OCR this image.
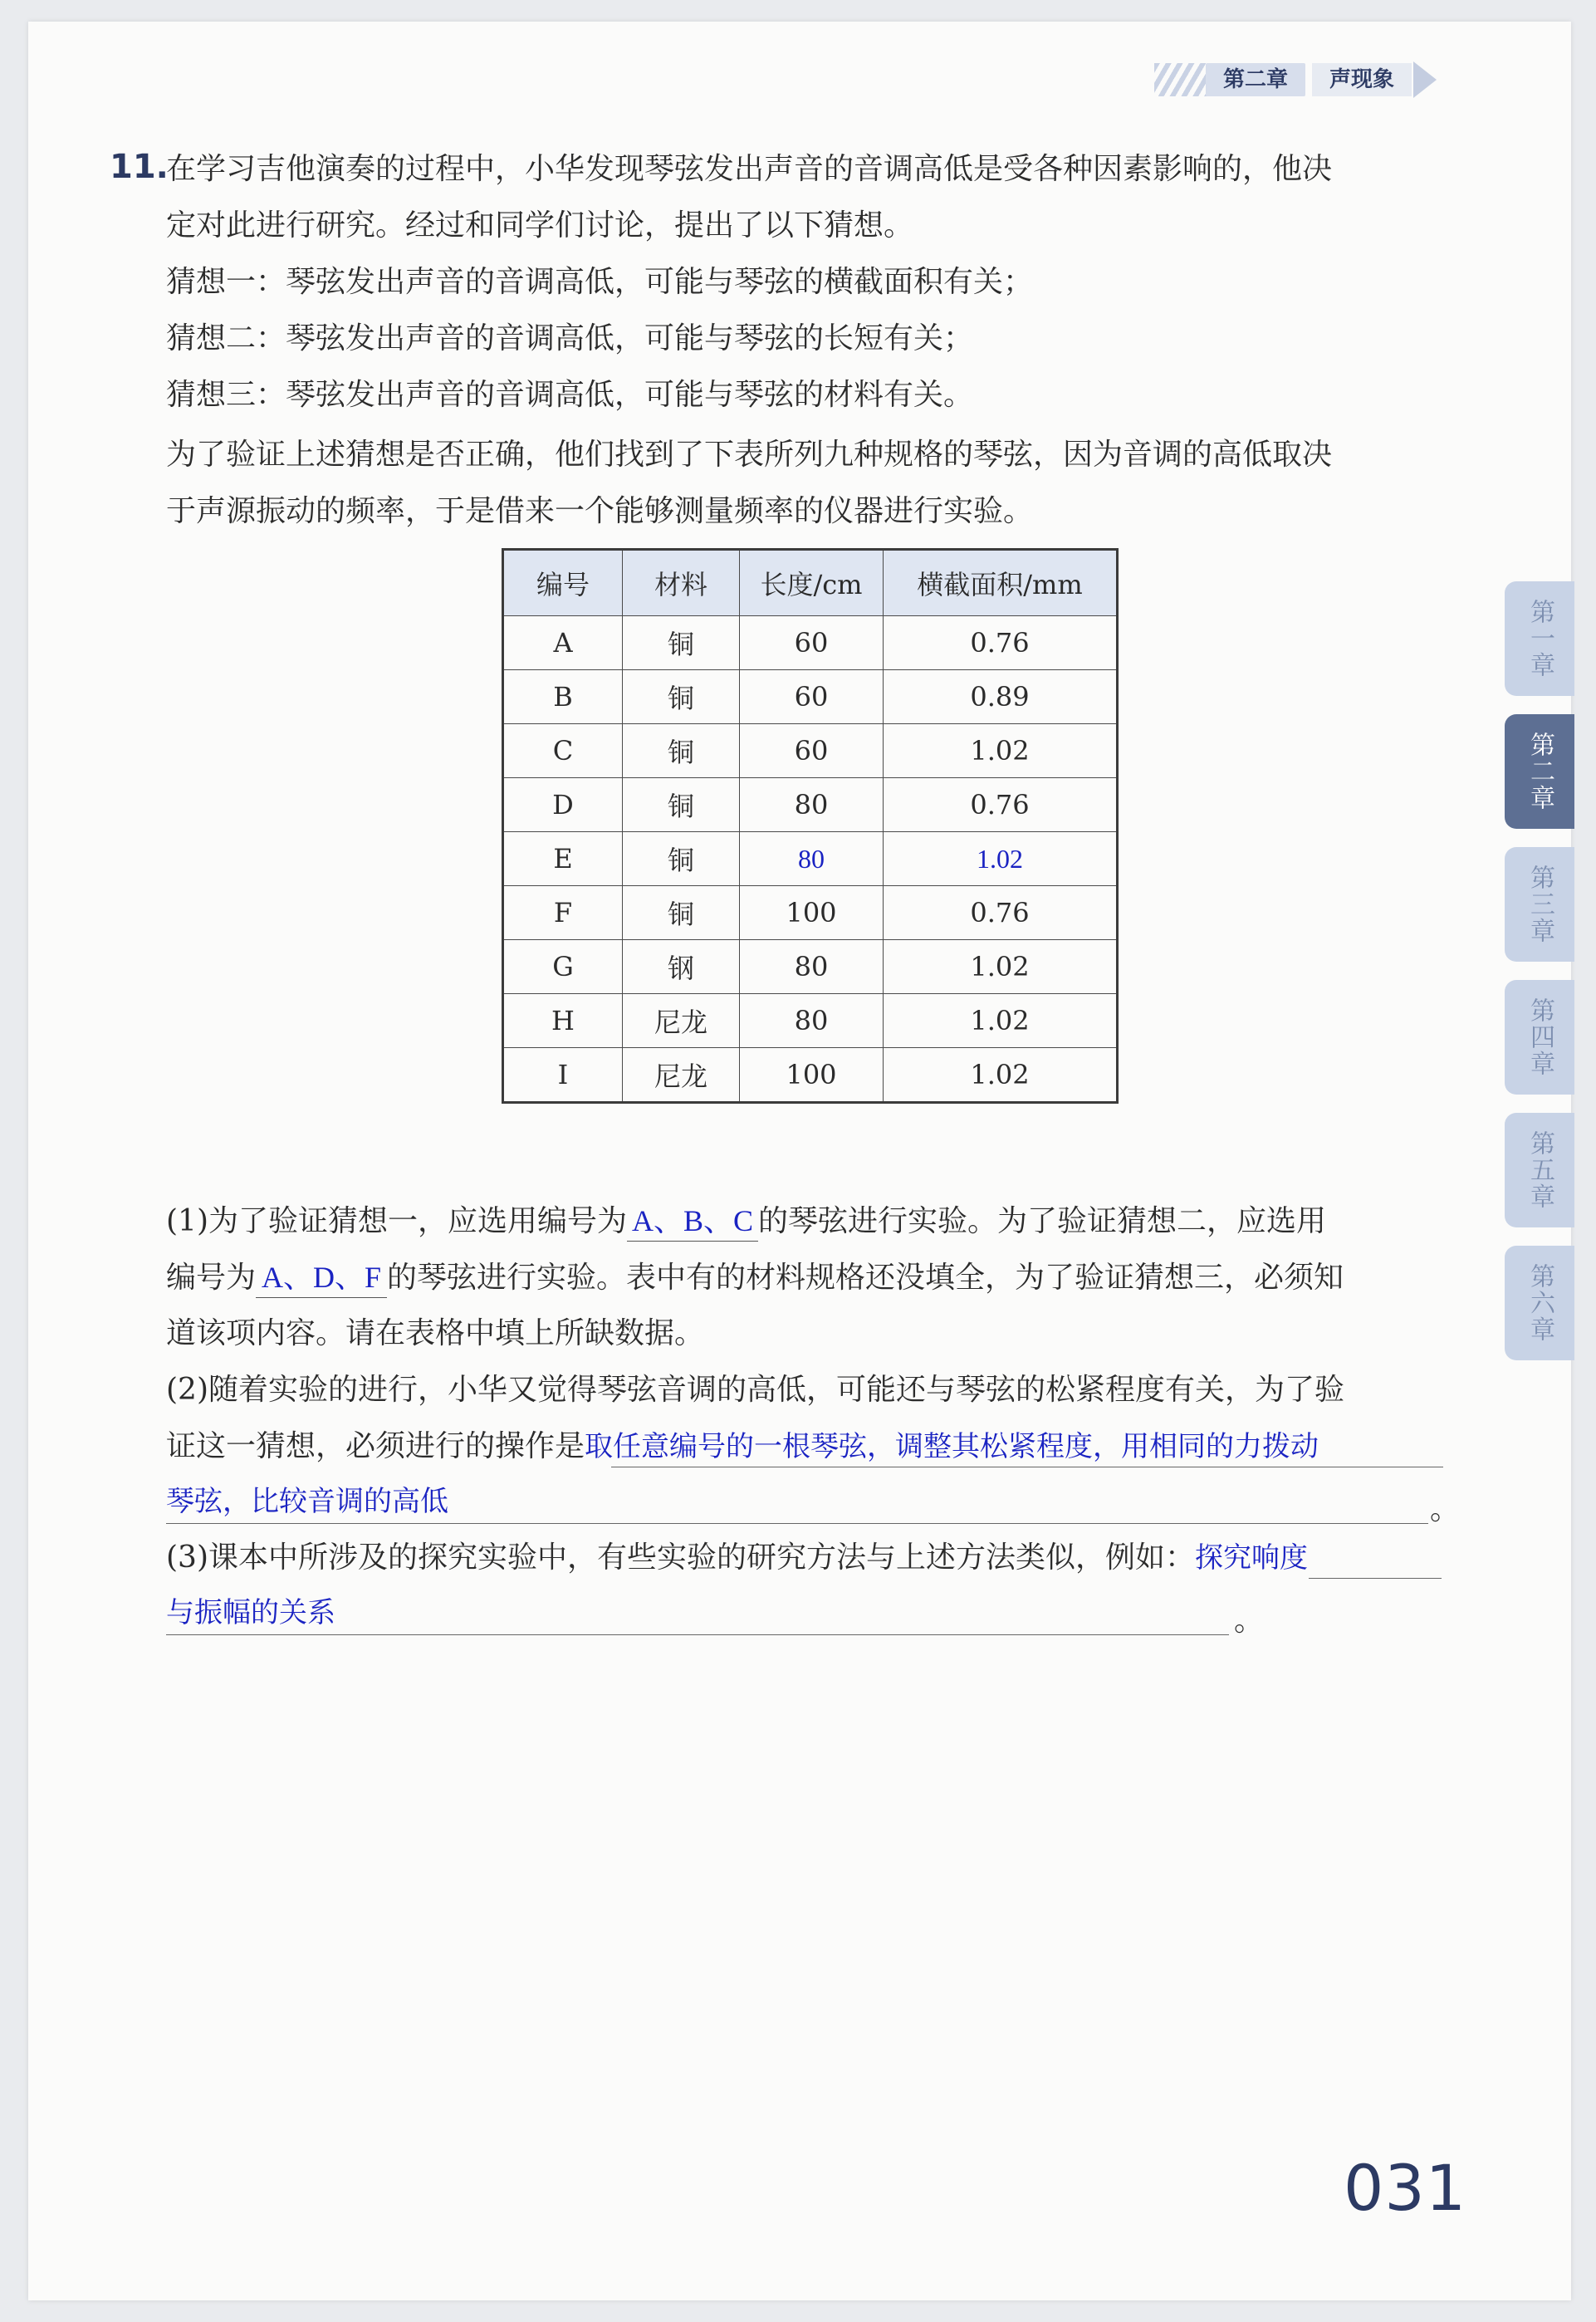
第二章	声现象
第一章
第二章
第三章
第四章
第五章
第六章
11.
在学习吉他演奏的过程中，小华发现琴弦发出声音的音调高低是受各种因素影响的，他决
定对此进行研究。经过和同学们讨论，提出了以下猜想。
猜想一：琴弦发出声音的音调高低，可能与琴弦的横截面积有关；
猜想二：琴弦发出声音的音调高低，可能与琴弦的长短有关；
猜想三：琴弦发出声音的音调高低，可能与琴弦的材料有关。
为了验证上述猜想是否正确，他们找到了下表所列九种规格的琴弦，因为音调的高低取决
于声源振动的频率，于是借来一个能够测量频率的仪器进行实验。
编号	材料	长度/cm	横截面积/mm
A	铜	60	0.76
B	铜	60	0.89
C	铜	60	1.02
D	铜	80	0.76
E	铜	80	1.02
F	铜	100	0.76
G	钢	80	1.02
H	尼龙	80	1.02
I	尼龙	100	1.02
(1)为了验证猜想一，应选用编号为 A、B、C 的琴弦进行实验。为了验证猜想二，应选用
编号为 A、D、F 的琴弦进行实验。表中有的材料规格还没填全，为了验证猜想三，必须知
道该项内容。请在表格中填上所缺数据。
(2)随着实验的进行，小华又觉得琴弦音调的高低，可能还与琴弦的松紧程度有关，为了验
证这一猜想，必须进行的操作是取任意编号的一根琴弦，调整其松紧程度，用相同的力拨动
琴弦，比较音调的高低	。
(3)课本中所涉及的探究实验中，有些实验的研究方法与上述方法类似，例如：探究响度
与振幅的关系	。
031
